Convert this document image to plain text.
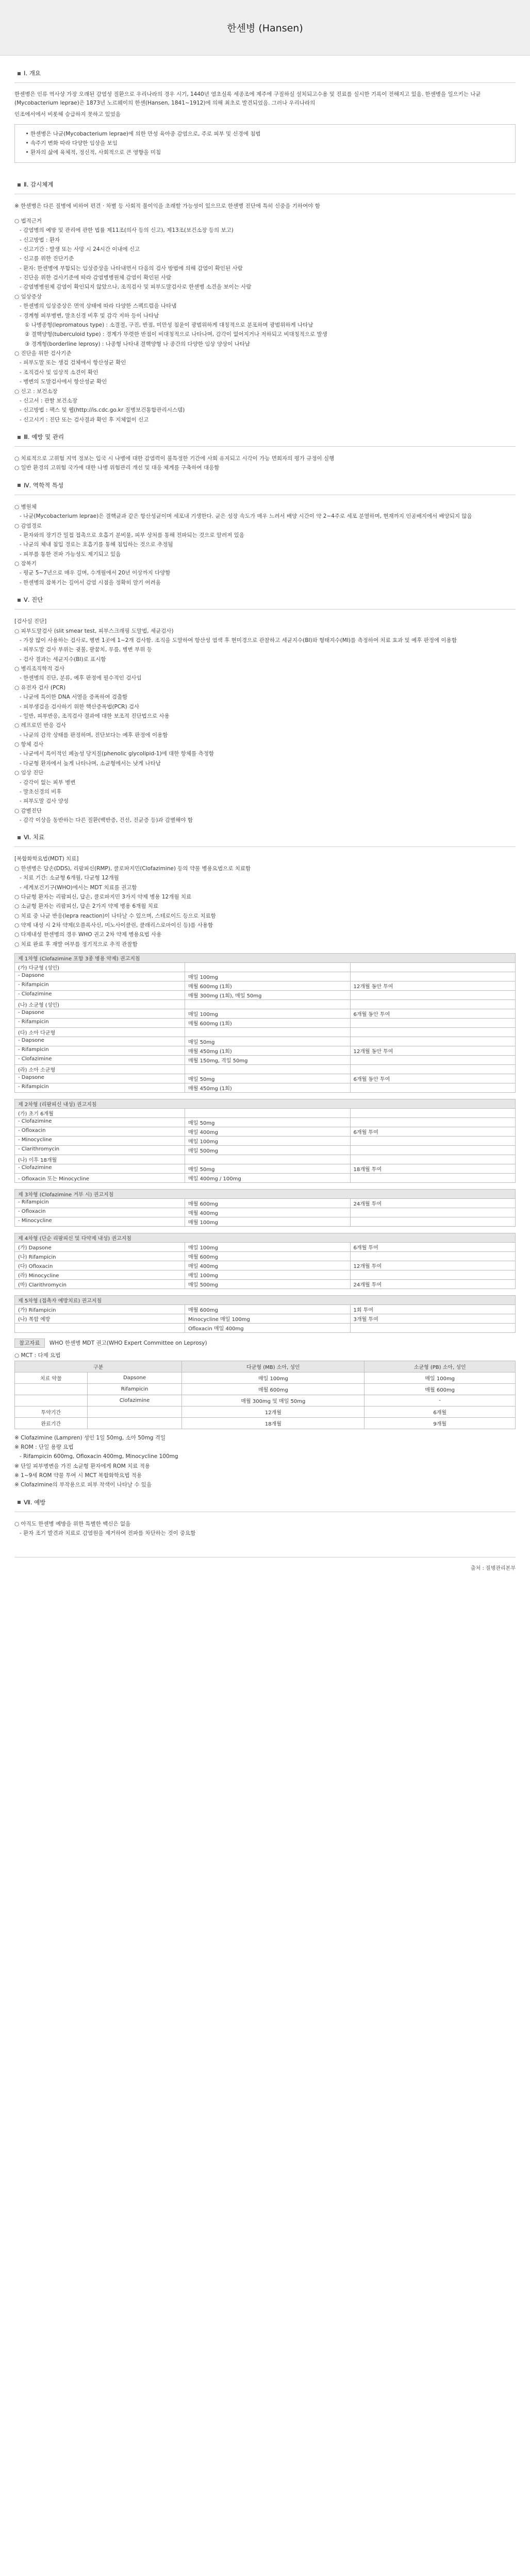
한센병 (Hansen)
Ⅰ. 개요

한센병은 인류 역사상 가장 오래된 감염성 질환으로 우리나라의 경우 시기, 1440년 염초실록 세종조에 제주에 구질하실 설치되고수용 및 진료를 실시한 기록이 전해지고 있음. 한센병을 일으키는 나균 (Mycobacterium leprae)은 1873년 노르웨이의 한센(Hansen, 1841~1912)에 의해 최초로 발견되었음. 그러나 우리나라의

인조에서에서 비롯해 승급하지 못하고 있었음

• 한센병은 나균(Mycobacterium leprae)에 의한 만성 육아종 감염으로, 주로 피부 및 신경에 침범
• 속주기 변화 따라 다양한 임상을 보임
• 환자의 삶에 육체적, 정신적, 사회적으로 큰 영향을 미침
Ⅱ. 감시체계

※ 한센병은 다른 질병에 비하여 편견 · 차별 등 사회적 불이익을 초래할 가능성이 있으므로 한센병 진단에 특히 신중을 기하여야 함

○ 법적근거

- 감염병의 예방 및 관리에 관한 법률 제11조(의사 등의 신고), 제13조(보건소장 등의 보고)

- 신고방법 : 환자

- 신고기간 : 발생 또는 사망 시 24시간 이내에 신고

- 신고를 위한 진단기준

- 환자: 한센병에 부합되는 임상증상을 나타내면서 다음의 검사 방법에 의해 감염이 확인된 사람

- 진단을 위한 검사기준에 따라 감염병병원체 감염이 확인된 사람

- 감염병병원체 감염이 확인되지 않았으나, 조직검사 및 피부도말검사로 한센병 소견을 보이는 사람

○ 임상증상

- 한센병의 임상증상은 면역 상태에 따라 다양한 스펙트럼을 나타냄

- 경계형 피부병변, 말초신경 비후 및 감각 저하 등이 나타남

① 나병종형(lepromatous type) : 소결절, 구진, 반점, 미만성 침윤이 광범위하게 대칭적으로 분포하며 광범위하게 나타남

② 결핵양형(tuberculoid type) : 경계가 뚜렷한 반점이 비대칭적으로 나타나며, 감각이 없어지거나 저하되고 비대칭적으로 발생

③ 경계형(borderline leprosy) : 나종형 나타내 결핵양형 나 종간의 다양한 임상 양상이 나타남

○ 진단을 위한 검사기준

- 피부도말 또는 생검 검체에서 항산성균 확인

- 조직검사 및 임상적 소견이 확인

- 병변의 도말검사에서 항산성균 확인

○ 신고 : 보건소장

- 신고서 : 관할 보건소장

- 신고방법 : 팩스 및 웹(http://is.cdc.go.kr 질병보건통합관리시스템)

- 신고시기 : 진단 또는 검사결과 확인 후 지체없이 신고

Ⅲ. 예방 및 관리

○ 치료적으로 고위험 지역 정보는 입국 시 나병에 대한 감염력이 불특정한 기간에 사회 유지되고 시각이 가능 면회자의 평가 규정이 실행

○ 일반 환경의 고위험 국가에 대한 나병 위험관리 개선 및 대응 체계를 구축하여 대응함

Ⅳ. 역학적 특성

○ 병원체

- 나균(Mycobacterium leprae)은 결핵균과 같은 항산성균이며 세포내 기생한다. 균은 성장 속도가 매우 느려서 배양 시간이 약 2~4주로 세포 분열하며, 현재까지 인공배지에서 배양되지 않음

○ 감염경로

- 환자와의 장기간 밀접 접촉으로 호흡기 분비물, 피부 상처를 통해 전파되는 것으로 알려져 있음

- 나균의 체내 침입 경로는 호흡기를 통해 침입하는 것으로 추정됨

- 피부를 통한 전파 가능성도 제기되고 있음

○ 잠복기

- 평균 5~7년으로 매우 길며, 수개월에서 20년 이상까지 다양함

- 한센병의 잠복기는 길어서 감염 시점을 정확히 알기 어려움

Ⅴ. 진단

[검사실 진단]

○ 피부도말검사 (slit smear test, 피부스크래핑 도말법, 세균검사)

- 가장 많이 사용하는 검사로, 병변 1곳에 1~2개 검사함. 조직을 도말하여 항산성 염색 후 현미경으로 관찰하고 세균지수(BI)와 형태지수(MI)를 측정하여 치료 효과 및 예후 판정에 이용함

- 피부도말 검사 부위는 귓불, 팔꿈치, 무릎, 병변 부위 등

- 검사 결과는 세균지수(BI)로 표시함

○ 병리조직학적 검사

- 한센병의 진단, 분류, 예후 판정에 필수적인 검사임

○ 유전자 검사 (PCR)

- 나균에 특이한 DNA 서열을 증폭하여 검출함

- 피부생검을 검사하기 위한 핵산증폭법(PCR) 검사

- 일반, 피부반응, 조직검사 결과에 대한 보조적 진단법으로 사용

○ 레프로민 반응 검사

- 나균의 감작 상태를 판정하며, 진단보다는 예후 판정에 이용함

○ 항체 검사

- 나균에서 특이적인 페놀성 당지질(phenolic glycolipid-1)에 대한 항체를 측정함

- 다균형 환자에서 높게 나타나며, 소균형에서는 낮게 나타남

○ 임상 진단

- 감각이 없는 피부 병변

- 말초신경의 비후

- 피부도말 검사 양성

○ 감별진단

- 감각 이상을 동반하는 다른 질환(백반증, 건선, 진균증 등)과 감별해야 함

Ⅵ. 치료

[복합화학요법(MDT) 치료]

○ 한센병은 답손(DDS), 리팜피신(RMP), 클로파지민(Clofazimine) 등의 약물 병용요법으로 치료함

- 치료 기간: 소균형 6개월, 다균형 12개월

- 세계보건기구(WHO)에서는 MDT 치료를 권고함

○ 다균형 환자는 리팜피신, 답손, 클로파지민 3가지 약제 병용 12개월 치료

○ 소균형 환자는 리팜피신, 답손 2가지 약제 병용 6개월 치료

○ 치료 중 나균 반응(lepra reaction)이 나타날 수 있으며, 스테로이드 등으로 치료함

○ 약제 내성 시 2차 약제(오플록사신, 미노사이클린, 클래리스로마이신 등)를 사용함

○ 다제내성 한센병의 경우 WHO 권고 2차 약제 병용요법 사용

○ 치료 완료 후 재발 여부를 정기적으로 추적 관찰함

제 1차형 (Clofazimine 포함 3종 병용 약제) 권고지침		
(가) 다균형 (성인)		
- Dapsone	매일 100mg	
- Rifampicin	매월 600mg (1회)	12개월 동안 투여
- Clofazimine	매월 300mg (1회), 매일 50mg	
(나) 소균형 (성인)		
- Dapsone	매일 100mg	6개월 동안 투여
- Rifampicin	매월 600mg (1회)	
(다) 소아 다균형		
- Dapsone	매일 50mg	
- Rifampicin	매월 450mg (1회)	12개월 동안 투여
- Clofazimine	매월 150mg, 격일 50mg	
(라) 소아 소균형		
- Dapsone	매일 50mg	6개월 동안 투여
- Rifampicin	매월 450mg (1회)	
제 2차형 (리팜피신 내성) 권고지침		
(가) 초기 6개월		
- Clofazimine	매일 50mg	
- Ofloxacin	매일 400mg	6개월 투여
- Minocycline	매일 100mg	
- Clarithromycin	매일 500mg	
(나) 이후 18개월		
- Clofazimine	매일 50mg	18개월 투여
- Ofloxacin 또는 Minocycline	매일 400mg / 100mg	
제 3차형 (Clofazimine 거부 시) 권고지침		
- Rifampicin	매월 600mg	24개월 투여
- Ofloxacin	매월 400mg	
- Minocycline	매월 100mg	
제 4차형 (단순 리팜피신 및 다약제 내성) 권고지침		
(가) Dapsone	매일 100mg	6개월 투여
(나) Rifampicin	매월 600mg	
(다) Ofloxacin	매일 400mg	12개월 투여
(라) Minocycline	매일 100mg	
(마) Clarithromycin	매일 500mg	24개월 투여
제 5차형 (접촉자 예방치료) 권고지침		
(가) Rifampicin	매월 600mg	1회 투여
(나) 복합 예방	Minocycline 매일 100mg	3개월 투여
	Ofloxacin 매일 400mg	
참고자료 WHO 한센병 MDT 권고(WHO Expert Committee on Leprosy)

○ MCT : 다제 요법

구분		다균형 (MB) 소아, 성인	소균형 (PB) 소아, 성인
치료 약물	Dapsone	매일 100mg	매일 100mg
	Rifampicin	매월 600mg	매월 600mg
	Clofazimine	매월 300mg 및 매일 50mg	-
투약기간		12개월	6개월
완료기간		18개월	9개월

※ Clofazimine (Lampren) 성인 1일 50mg, 소아 50mg 격일

※ ROM : 단일 용량 요법

- Rifampicin 600mg, Ofloxacin 400mg, Minocycline 100mg

※ 단일 피부병변을 가진 소균형 환자에게 ROM 치료 적용

※ 1~9세 ROM 약물 투여 시 MCT 복합화학요법 적용

※ Clofazimine의 부작용으로 피부 착색이 나타날 수 있음

Ⅶ. 예방

○ 아직도 한센병 예방을 위한 특별한 백신은 없음

- 환자 조기 발견과 치료로 감염원을 제거하여 전파를 차단하는 것이 중요함

출처 : 질병관리본부
